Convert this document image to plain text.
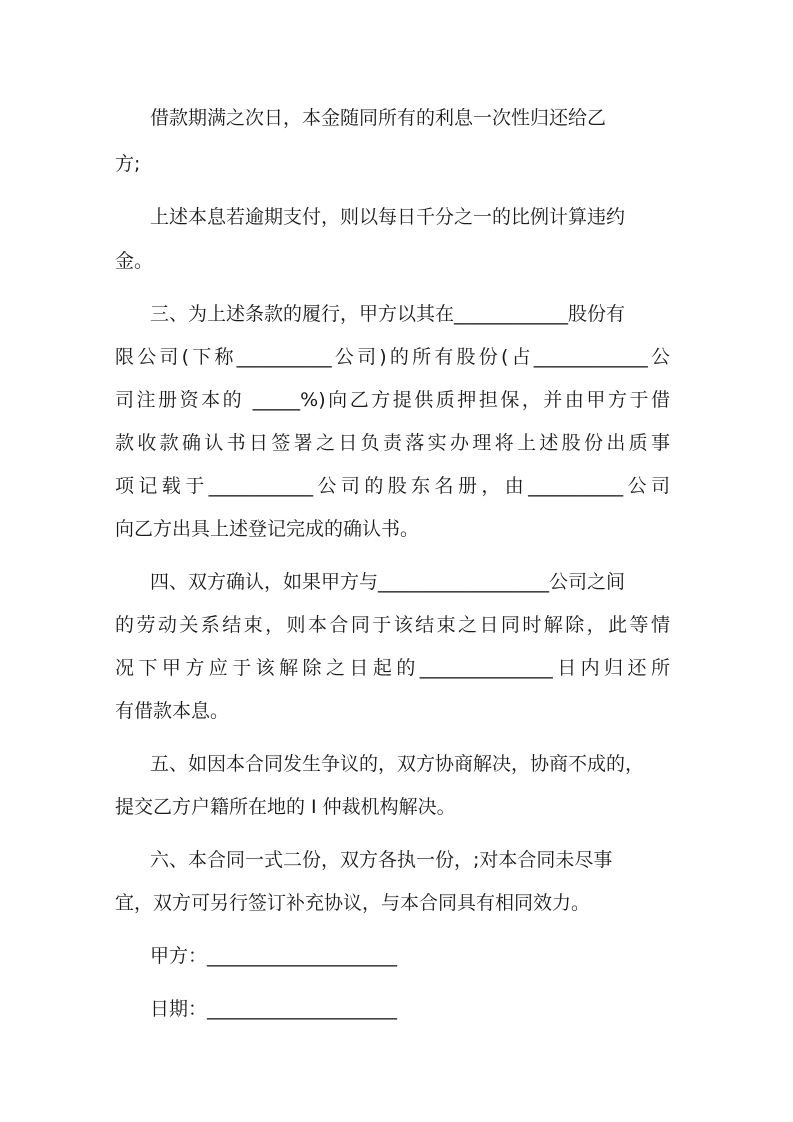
借款期满之次日，本金随同所有的利息一次性归还给乙

方;

上述本息若逾期支付，则以每日千分之一的比例计算违约

金。

三、为上述条款的履行，甲方以其在____________股份有

限公司(下称__________公司)的所有股份(占____________公

司注册资本的 _____%)向乙方提供质押担保，并由甲方于借

款收款确认书日签署之日负责落实办理将上述股份出质事

项记载于___________公司的股东名册，由__________公司

向乙方出具上述登记完成的确认书。

四、双方确认，如果甲方与__________________公司之间

的劳动关系结束，则本合同于该结束之日同时解除，此等情

况下甲方应于该解除之日起的______________日内归还所

有借款本息。

五、如因本合同发生争议的，双方协商解决，协商不成的，

提交乙方户籍所在地的 I 仲裁机构解决。

六、本合同一式二份，双方各执一份，;对本合同未尽事

宜，双方可另行签订补充协议，与本合同具有相同效力。

甲方：____________________

日期：____________________
